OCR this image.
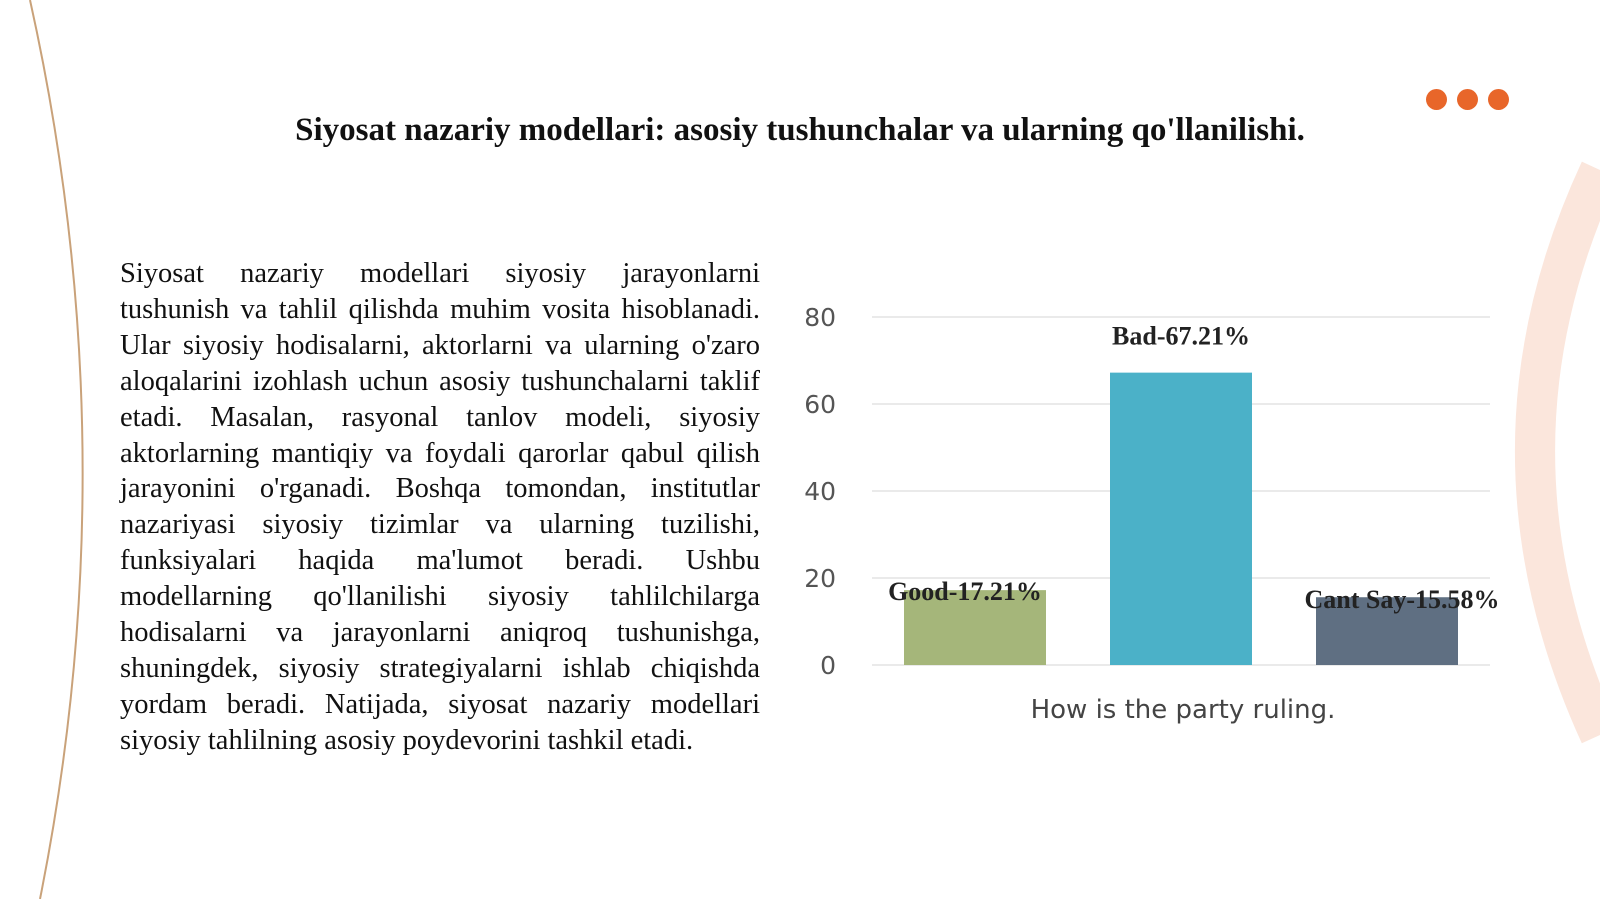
Siyosat nazariy modellari: asosiy tushunchalar va ularning qo'llanilishi.

Siyosat nazariy modellari siyosiy jarayonlarni tushunish va tahlil qilishda muhim vosita hisoblanadi. Ular siyosiy hodisalarni, aktorlarni va ularning o'zaro aloqalarini izohlash uchun asosiy tushunchalarni taklif etadi. Masalan, rasyonal tanlov modeli, siyosiy aktorlarning mantiqiy va foydali qarorlar qabul qilish jarayonini o'rganadi. Boshqa tomondan, institutlar nazariyasi siyosiy tizimlar va ularning tuzilishi, funksiyalari haqida ma'lumot beradi. Ushbu modellarning qo'llanilishi siyosiy tahlilchilarga hodisalarni va jarayonlarni aniqroq tushunishga, shuningdek, siyosiy strategiyalarni ishlab chiqishda yordam beradi. Natijada, siyosat nazariy modellari siyosiy tahlilning asosiy poydevorini tashkil etadi.

0
20
40
60
80
Good-17.21%
Bad-67.21%
Cant Say-15.58%
How is the party ruling.
